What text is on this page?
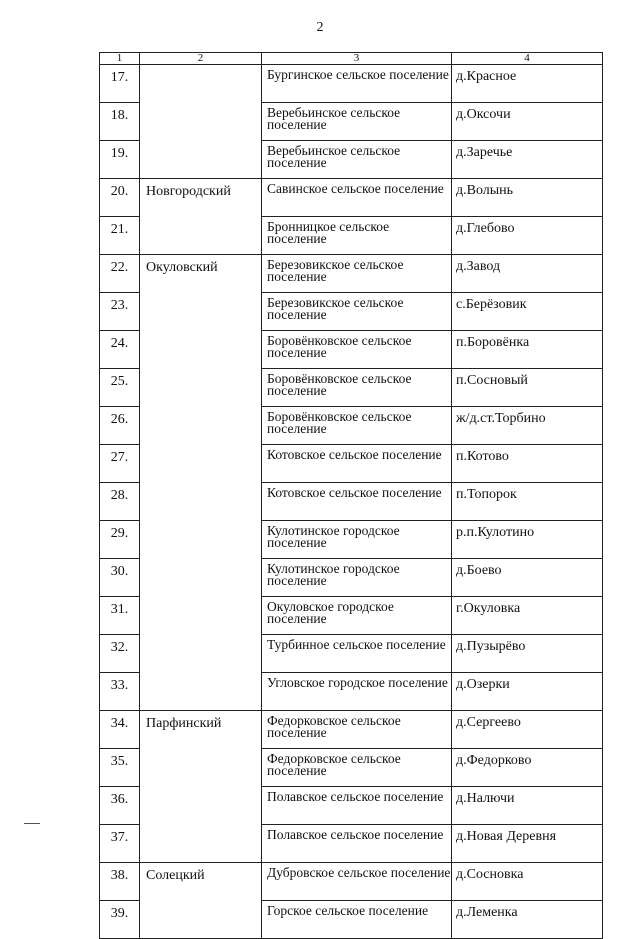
2
1	2	3	4
17.		Бургинское сельское поселение	д.Красное
18.		Веребьинское сельское поселение	д.Оксочи
19.		Веребьинское сельское поселение	д.Заречье
20.	Новгородский	Савинское сельское поселение	д.Волынь
21.		Бронницкое сельское поселение	д.Глебово
22.	Окуловский	Березовикское сельское поселение	д.Завод
23.		Березовикское сельское поселение	с.Берёзовик
24.		Боровёнковское сельское поселение	п.Боровёнка
25.		Боровёнковское сельское поселение	п.Сосновый
26.		Боровёнковское сельское поселение	ж/д.ст.Торбино
27.		Котовское сельское поселение	п.Котово
28.		Котовское сельское поселение	п.Топорок
29.		Кулотинское городское поселение	р.п.Кулотино
30.		Кулотинское городское поселение	д.Боево
31.		Окуловское городское поселение	г.Окуловка
32.		Турбинное сельское поселение	д.Пузырёво
33.		Угловское городское поселение	д.Озерки
34.	Парфинский	Федорковское сельское поселение	д.Сергеево
35.		Федорковское сельское поселение	д.Федорково
36.		Полавское сельское поселение	д.Налючи
37.		Полавское сельское поселение	д.Новая Деревня
38.	Солецкий	Дубровское сельское поселение	д.Сосновка
39.		Горское сельское поселение	д.Леменка
